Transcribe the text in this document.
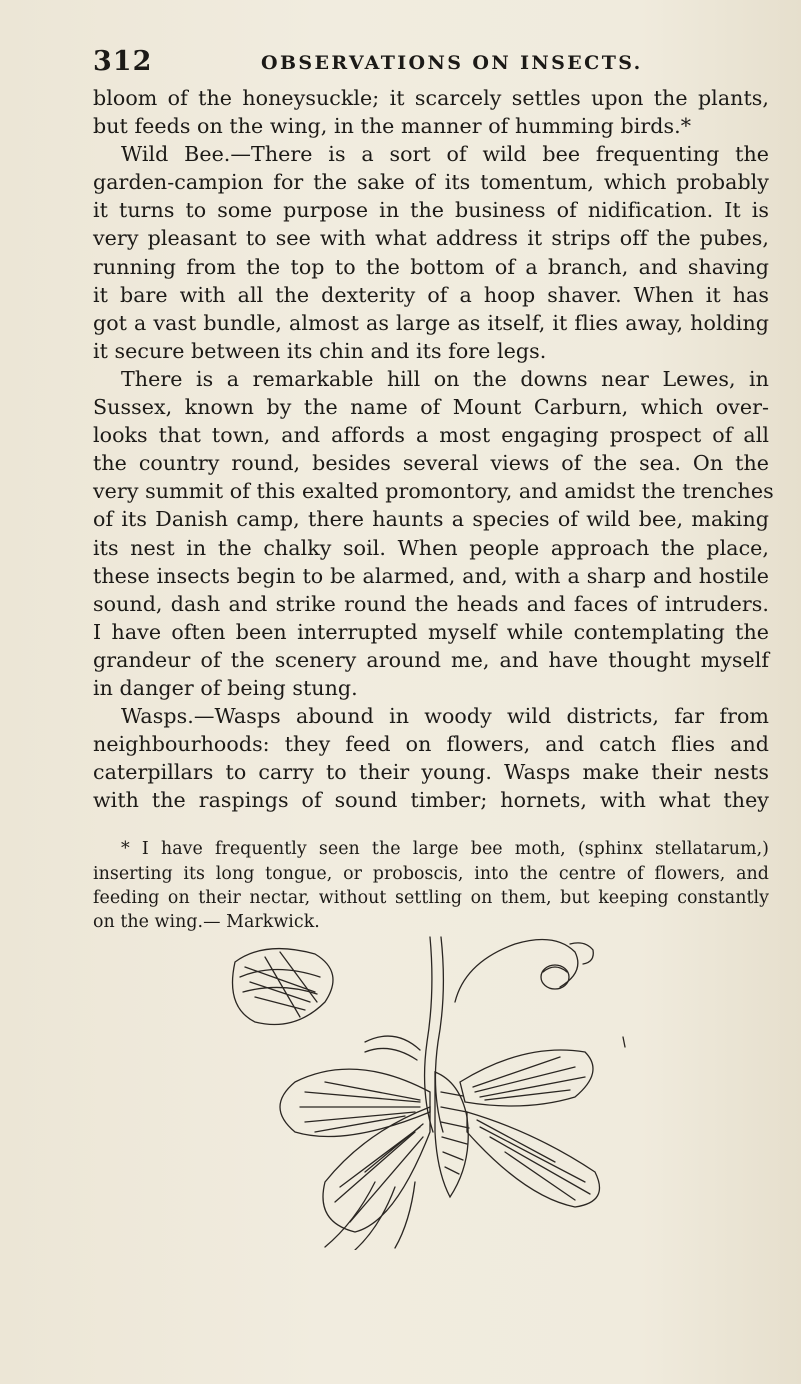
312	OBSERVATIONS ON INSECTS.
bloom of the honeysuckle; it scarcely settles upon the plants,
but feeds on the wing, in the manner of humming birds.*
Wild Bee.—There is a sort of wild bee frequenting the
garden-campion for the sake of its tomentum, which probably
it turns to some purpose in the business of nidification. It is
very pleasant to see with what address it strips off the pubes,
running from the top to the bottom of a branch, and shaving
it bare with all the dexterity of a hoop shaver. When it has
got a vast bundle, almost as large as itself, it flies away, holding
it secure between its chin and its fore legs.
There is a remarkable hill on the downs near Lewes, in
Sussex, known by the name of Mount Carburn, which over-
looks that town, and affords a most engaging prospect of all
the country round, besides several views of the sea. On the
very summit of this exalted promontory, and amidst the trenches
of its Danish camp, there haunts a species of wild bee, making
its nest in the chalky soil. When people approach the place,
these insects begin to be alarmed, and, with a sharp and hostile
sound, dash and strike round the heads and faces of intruders.
I have often been interrupted myself while contemplating the
grandeur of the scenery around me, and have thought myself
in danger of being stung.
Wasps.—Wasps abound in woody wild districts, far from
neighbourhoods: they feed on flowers, and catch flies and
caterpillars to carry to their young. Wasps make their nests
with the raspings of sound timber; hornets, with what they
* I have frequently seen the large bee moth, (sphinx stellatarum,)
inserting its long tongue, or proboscis, into the centre of flowers, and
feeding on their nectar, without settling on them, but keeping constantly
on the wing.— Markwick.
